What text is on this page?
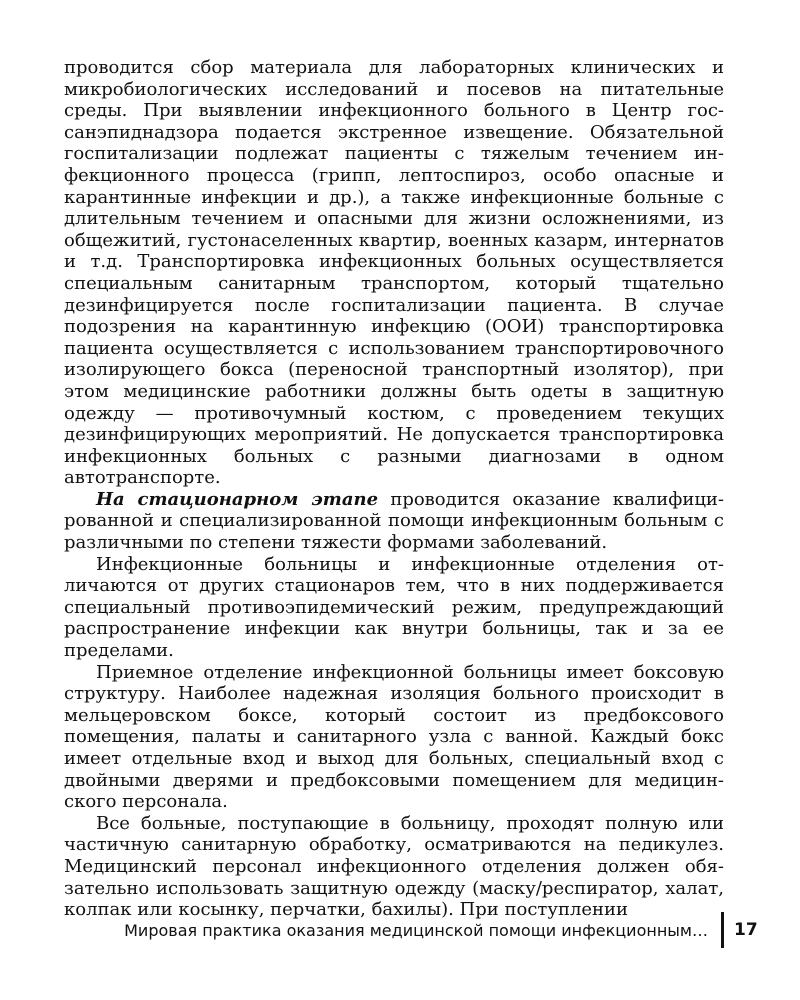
проводится сбор материала для лабораторных клинических и микробиологических исследований и посевов на питательные среды. При выявлении инфекционного больного в Центр госсанэпиднадзора подается экстренное извещение. Обязательной госпитализации подлежат пациенты с тяжелым течением инфекционного процесса (грипп, лептоспироз, особо опасные и карантинные инфекции и др.), а также инфекционные больные с длительным течением и опасными для жизни осложнениями, из общежитий, густонаселенных квартир, военных казарм, интернатов и т.д. Транспортировка инфекционных больных осуществляется специальным санитарным транспортом, который тщательно дезинфицируется после госпитализации пациента. В случае подозрения на карантинную инфекцию (ООИ) транспортировка пациента осуществляется с использованием транспортировочного изолирующего бокса (переносной транспортный изолятор), при этом медицинские работники должны быть одеты в защитную одежду — противочумный костюм, с проведением текущих дезинфицирующих мероприятий. Не допускается транспортировка инфекционных больных с разными диагнозами в одном автотранспорте.

На стационарном этапе проводится оказание квалифицированной и специализированной помощи инфекционным больным с различными по степени тяжести формами заболеваний.

Инфекционные больницы и инфекционные отделения отличаются от других стационаров тем, что в них поддерживается специальный противоэпидемический режим, предупреждающий распространение инфекции как внутри больницы, так и за ее пределами.

Приемное отделение инфекционной больницы имеет боксовую структуру. Наиболее надежная изоляция больного происходит в мельцеровском боксе, который состоит из предбоксового помещения, палаты и санитарного узла с ванной. Каждый бокс имеет отдельные вход и выход для больных, специальный вход с двойными дверями и предбоксовыми помещением для медицинского персонала.

Все больные, поступающие в больницу, проходят полную или частичную санитарную обработку, осматриваются на педикулез. Медицинский персонал инфекционного отделения должен обязательно использовать защитную одежду (маску/респиратор, халат, колпак или косынку, перчатки, бахилы). При поступлении

Мировая практика оказания медицинской помощи инфекционным… 17
